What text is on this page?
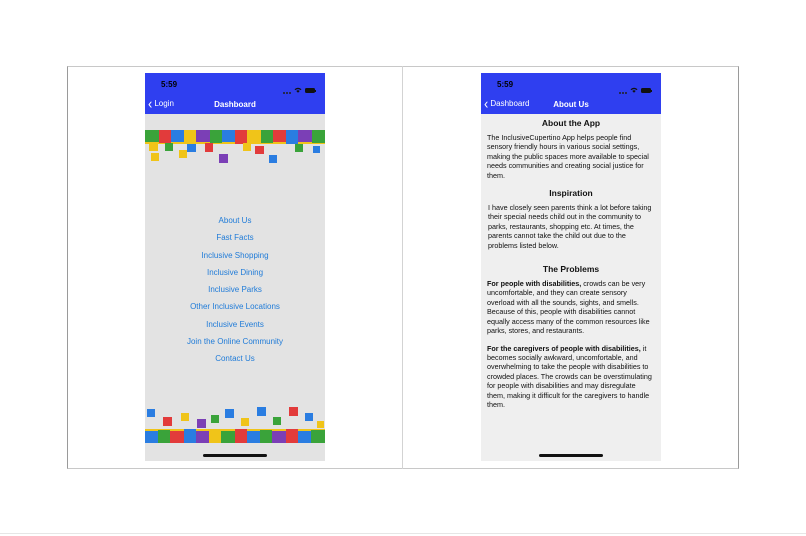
5:59
‹ Login	Dashboard
About Us
Fast Facts
Inclusive Shopping
Inclusive Dining
Inclusive Parks
Other Inclusive Locations
Inclusive Events
Join the Online Community
Contact Us
5:59
‹ Dashboard	About Us
About the App

The InclusiveCupertino App helps people find sensory friendly hours in various social settings, making the public spaces more available to special needs communities and creating social justice for them.

Inspiration

I have closely seen parents think a lot before taking their special needs child out in the community to parks, restaurants, shopping etc. At times, the parents cannot take the child out due to the problems listed below.

The Problems

For people with disabilities, crowds can be very uncomfortable, and they can create sensory overload with all the sounds, sights, and smells. Because of this, people with disabilities cannot equally access many of the common resources like parks, stores, and restaurants.

For the caregivers of people with disabilities, it becomes socially awkward, uncomfortable, and overwhelming to take the people with disabilities to crowded places. The crowds can be overstimulating for people with disabilities and may disregulate them, making it difficult for the caregivers to handle them.
